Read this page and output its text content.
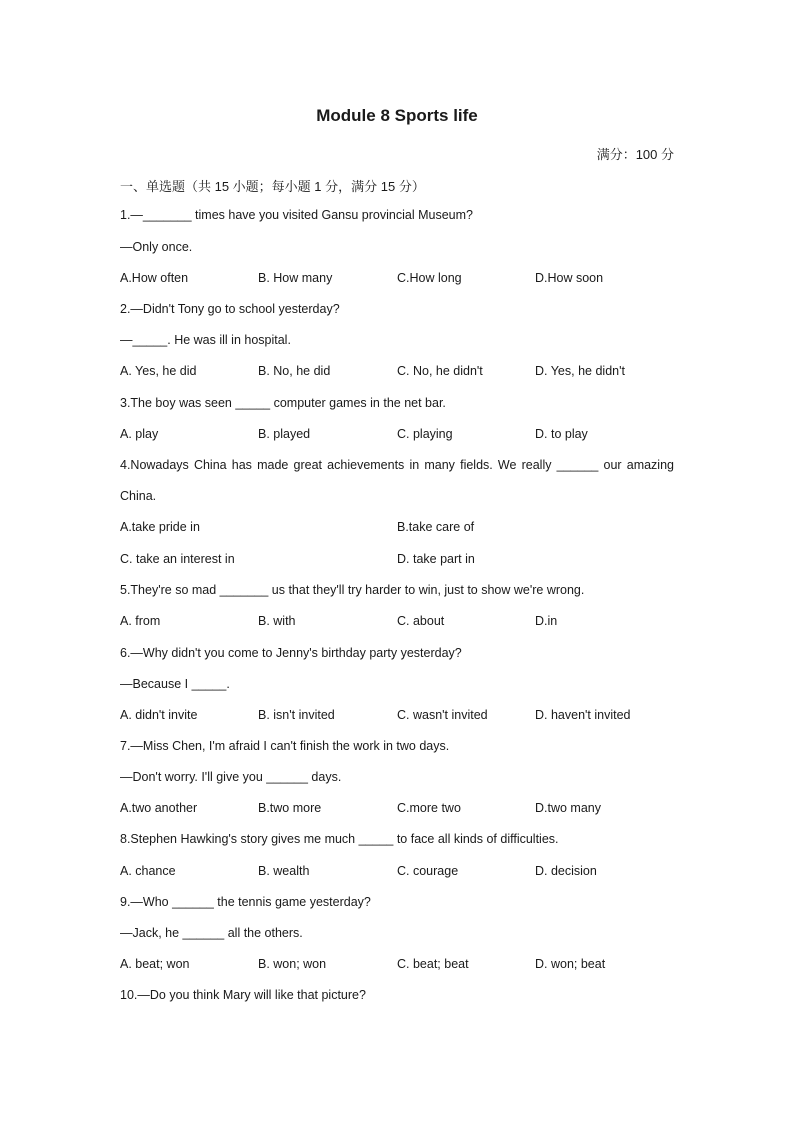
Module 8 Sports life
满分：100 分
一、单选题（共 15 小题；每小题 1 分，满分 15 分）
1.—_______ times have you visited Gansu provincial Museum?
—Only once.
A.How often	B. How many	C.How long	D.How soon
2.—Didn't Tony go to school yesterday?
—_____. He was ill in hospital.
A. Yes, he did	B. No, he did	C. No, he didn't	D. Yes, he didn't
3.The boy was seen _____ computer games in the net bar.
A. play	B. played	C. playing	D. to play
4.Nowadays China has made great achievements in many fields. We really ______ our amazing
China.
A.take pride in	B.take care of
C. take an interest in	D. take part in
5.They're so mad _______ us that they'll try harder to win, just to show we're wrong.
A. from	B. with	C. about	D.in
6.—Why didn't you come to Jenny's birthday party yesterday?
—Because I _____.
A. didn't invite	B. isn't invited	C. wasn't invited	D. haven't invited
7.—Miss Chen, I'm afraid I can't finish the work in two days.
—Don't worry. I'll give you ______ days.
A.two another	B.two more	C.more two	D.two many
8.Stephen Hawking's story gives me much _____ to face all kinds of difficulties.
A. chance	B. wealth	C. courage	D. decision
9.—Who ______ the tennis game yesterday?
—Jack, he ______ all the others.
A. beat; won	B. won; won	C. beat; beat	D. won; beat
10.—Do you think Mary will like that picture?
